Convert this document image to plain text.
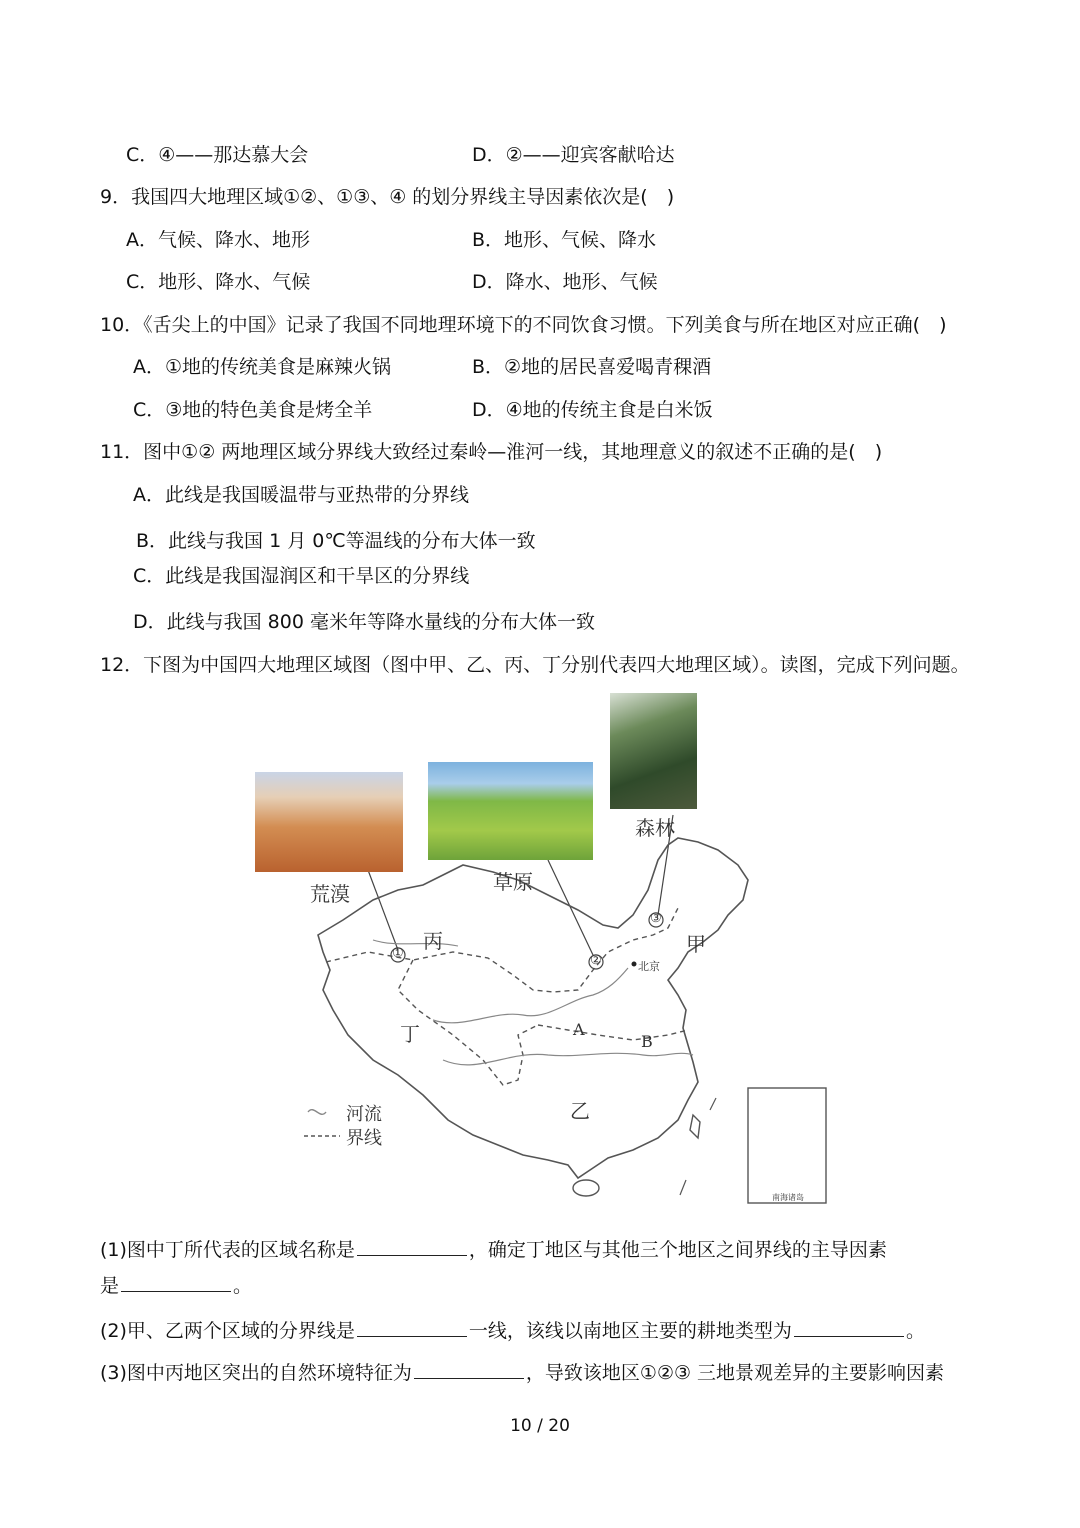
C．④——那达慕大会	D．②——迎宾客献哈达
9．我国四大地理区域①②、①③、④ 的划分界线主导因素依次是(　)
A．气候、降水、地形	B．地形、气候、降水
C．地形、降水、气候	D．降水、地形、气候
10．《舌尖上的中国》记录了我国不同地理环境下的不同饮食习惯。下列美食与所在地区对应正确(　)
A．①地的传统美食是麻辣火锅	B．②地的居民喜爱喝青稞酒
C．③地的特色美食是烤全羊	D．④地的传统主食是白米饭
11．图中①② 两地理区域分界线大致经过秦岭—淮河一线，其地理意义的叙述不正确的是(　)
A．此线是我国暖温带与亚热带的分界线
B．此线与我国 1 月 0℃等温线的分布大体一致
C．此线是我国湿润区和干旱区的分界线
D．此线与我国 800 毫米年等降水量线的分布大体一致
12．下图为中国四大地理区域图（图中甲、乙、丙、丁分别代表四大地理区域）。读图，完成下列问题。
荒漠	草原
森林
丙	甲
丁
乙
①	②
③
A
B
北京
河流
界线
南海诸岛
(1)图中丁所代表的区域名称是	，确定丁地区与其他三个地区之间界线的主导因素
是	。
(2)甲、乙两个区域的分界线是	一线，该线以南地区主要的耕地类型为	。
(3)图中丙地区突出的自然环境特征为	，导致该地区①②③ 三地景观差异的主要影响因素
10 / 20
